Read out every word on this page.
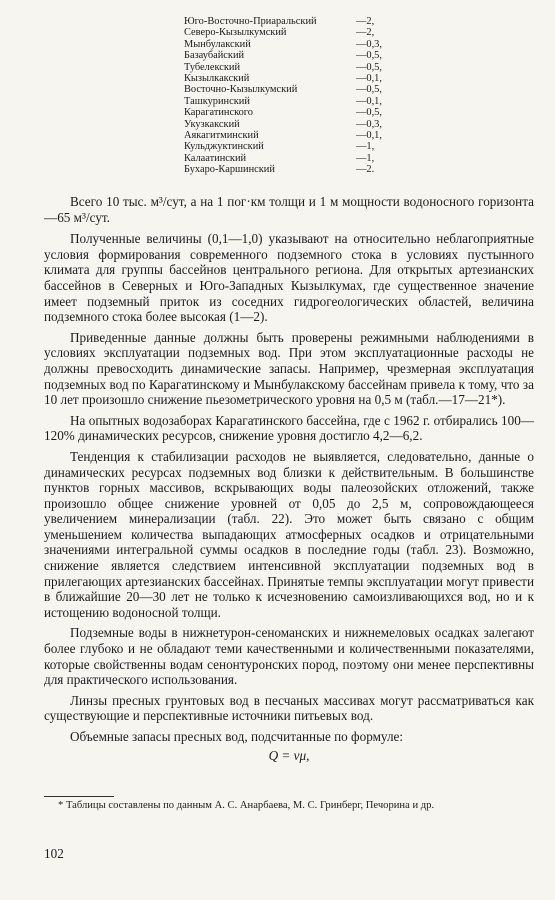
Юго-Восточно-Приаральский	—2,
Северо-Кызылкумский	—2,
Мынбулакский	—0,3,
Базаубайский	—0,5,
Тубелекский	—0,5,
Кызылкакский	—0,1,
Восточно-Кызылкумский	—0,5,
Ташкуринский	—0,1,
Карагатинского	—0,5,
Укузкакский	—0,3,
Аякагитминский	—0,1,
Кульджуктинский	—1,
Калаатинский	—1,
Бухаро-Каршинский	—2.

Всего 10 тыс. м³/сут, а на 1 пог·км толщи и 1 м мощности водоносного горизонта—65 м³/сут.

Полученные величины (0,1—1,0) указывают на относительно неблагоприятные условия формирования современного подземного стока в условиях пустынного климата для группы бассейнов центрального региона. Для открытых артезианских бассейнов в Северных и Юго-Западных Кызылкумах, где существенное значение имеет подземный приток из соседних гидрогеологических областей, величина подземного стока более высокая (1—2).

Приведенные данные должны быть проверены режимными наблюдениями в условиях эксплуатации подземных вод. При этом эксплуатационные расходы не должны превосходить динамические запасы. Например, чрезмерная эксплуатация подземных вод по Карагатинскому и Мынбулакскому бассейнам привела к тому, что за 10 лет произошло снижение пьезометрического уровня на 0,5 м (табл.—17—21*).

На опытных водозаборах Карагатинского бассейна, где с 1962 г. отбирались 100—120% динамических ресурсов, снижение уровня достигло 4,2—6,2.

Тенденция к стабилизации расходов не выявляется, следовательно, данные о динамических ресурсах подземных вод близки к действительным. В большинстве пунктов горных массивов, вскрывающих воды палеозойских отложений, также произошло общее снижение уровней от 0,05 до 2,5 м, сопровождающееся увеличением минерализации (табл. 22). Это может быть связано с общим уменьшением количества выпадающих атмосферных осадков и отрицательными значениями интегральной суммы осадков в последние годы (табл. 23). Возможно, снижение является следствием интенсивной эксплуатации подземных вод в прилегающих артезианских бассейнах. Принятые темпы эксплуатации могут привести в ближайшие 20—30 лет не только к исчезновению самоизливающихся вод, но и к истощению водоносной толщи.

Подземные воды в нижнетурон-сеноманских и нижнемеловых осадках залегают более глубоко и не обладают теми качественными и количественными показателями, которые свойственны водам сенонтуронских пород, поэтому они менее перспективны для практического использования.

Линзы пресных грунтовых вод в песчаных массивах могут рассматриваться как существующие и перспективные источники питьевых вод.

Объемные запасы пресных вод, подсчитанные по формуле:

Q = vμ,
* Таблицы составлены по данным А. С. Анарбаева, М. С. Гринберг, Печорина и др.
102
